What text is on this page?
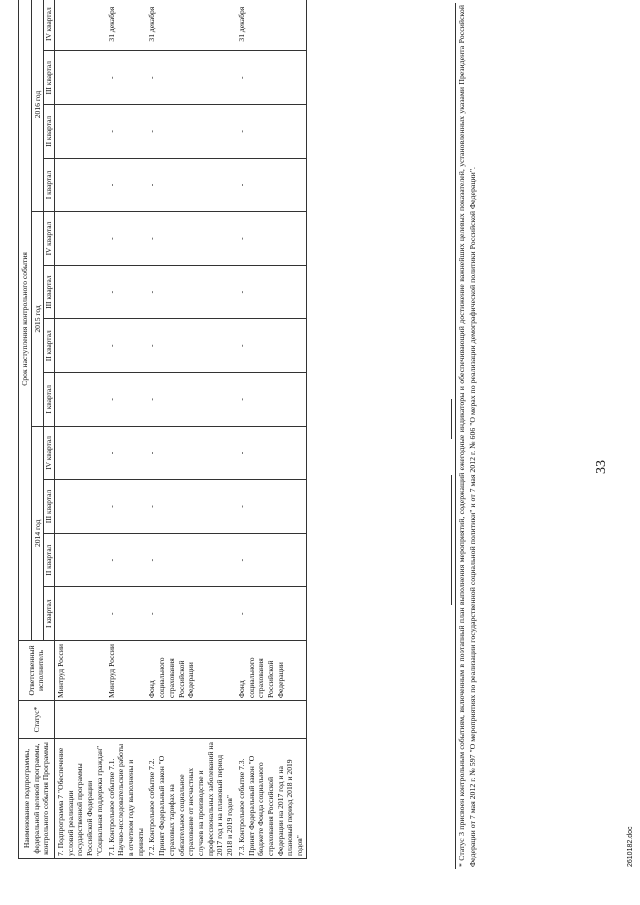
33
Наименование подпрограммы, федеральной целевой программы, контрольного события Программы	Статус*	Ответственный исполнитель	Срок наступления контрольного события											
			2014 год				2015 год				2016 год			
			I квартал	II квартал	III квартал	IV квартал	I квартал	II квартал	III квартал	IV квартал	I квартал	II квартал	III квартал	IV квартал
7. Подпрограмма 7 "Обеспечение условий реализации государственной программы Российской Федерации "Социальная поддержка граждан"		Минтруд России												
7.1. Контрольное событие 7.1. Научно-исследовательские работы в отчетном году выполнены и приняты		Минтруд России	-	-	-	-	-	-	-	-	-	-	-	31 декабря
7.2. Контрольное событие 7.2. Принят Федеральный закон "О страховых тарифах на обязательное социальное страхование от несчастных случаев на производстве и профессиональных заболеваний на 2017 год и на плановый период 2018 и 2019 годов"		Фонд социального страхования Российской Федерации	-	-	-	-	-	-	-	-	-	-	-	31 декабря
7.3. Контрольное событие 7.3. Принят Федеральный закон "О бюджете Фонда социального страхования Российской Федерации на 2017 год и на плановый период 2018 и 2019 годов"		Фонд социального страхования Российской Федерации	-	-	-	-	-	-	-	-	-	-	-	31 декабря	* Статус 3 присвоен контрольным событиям, включенным в поэтапный план выполнения мероприятий, содержащий ежегодные индикаторы и обеспечивающий достижение важнейших целевых показателей, установленных указами Президента Российской Федерации от 7 мая 2012 г. № 597 "О мероприятиях по реализации государственной социальной политики" и от 7 мая 2012 г. № 606 "О мерах по реализации демографической политики Российской Федерации".	2610182.doc
